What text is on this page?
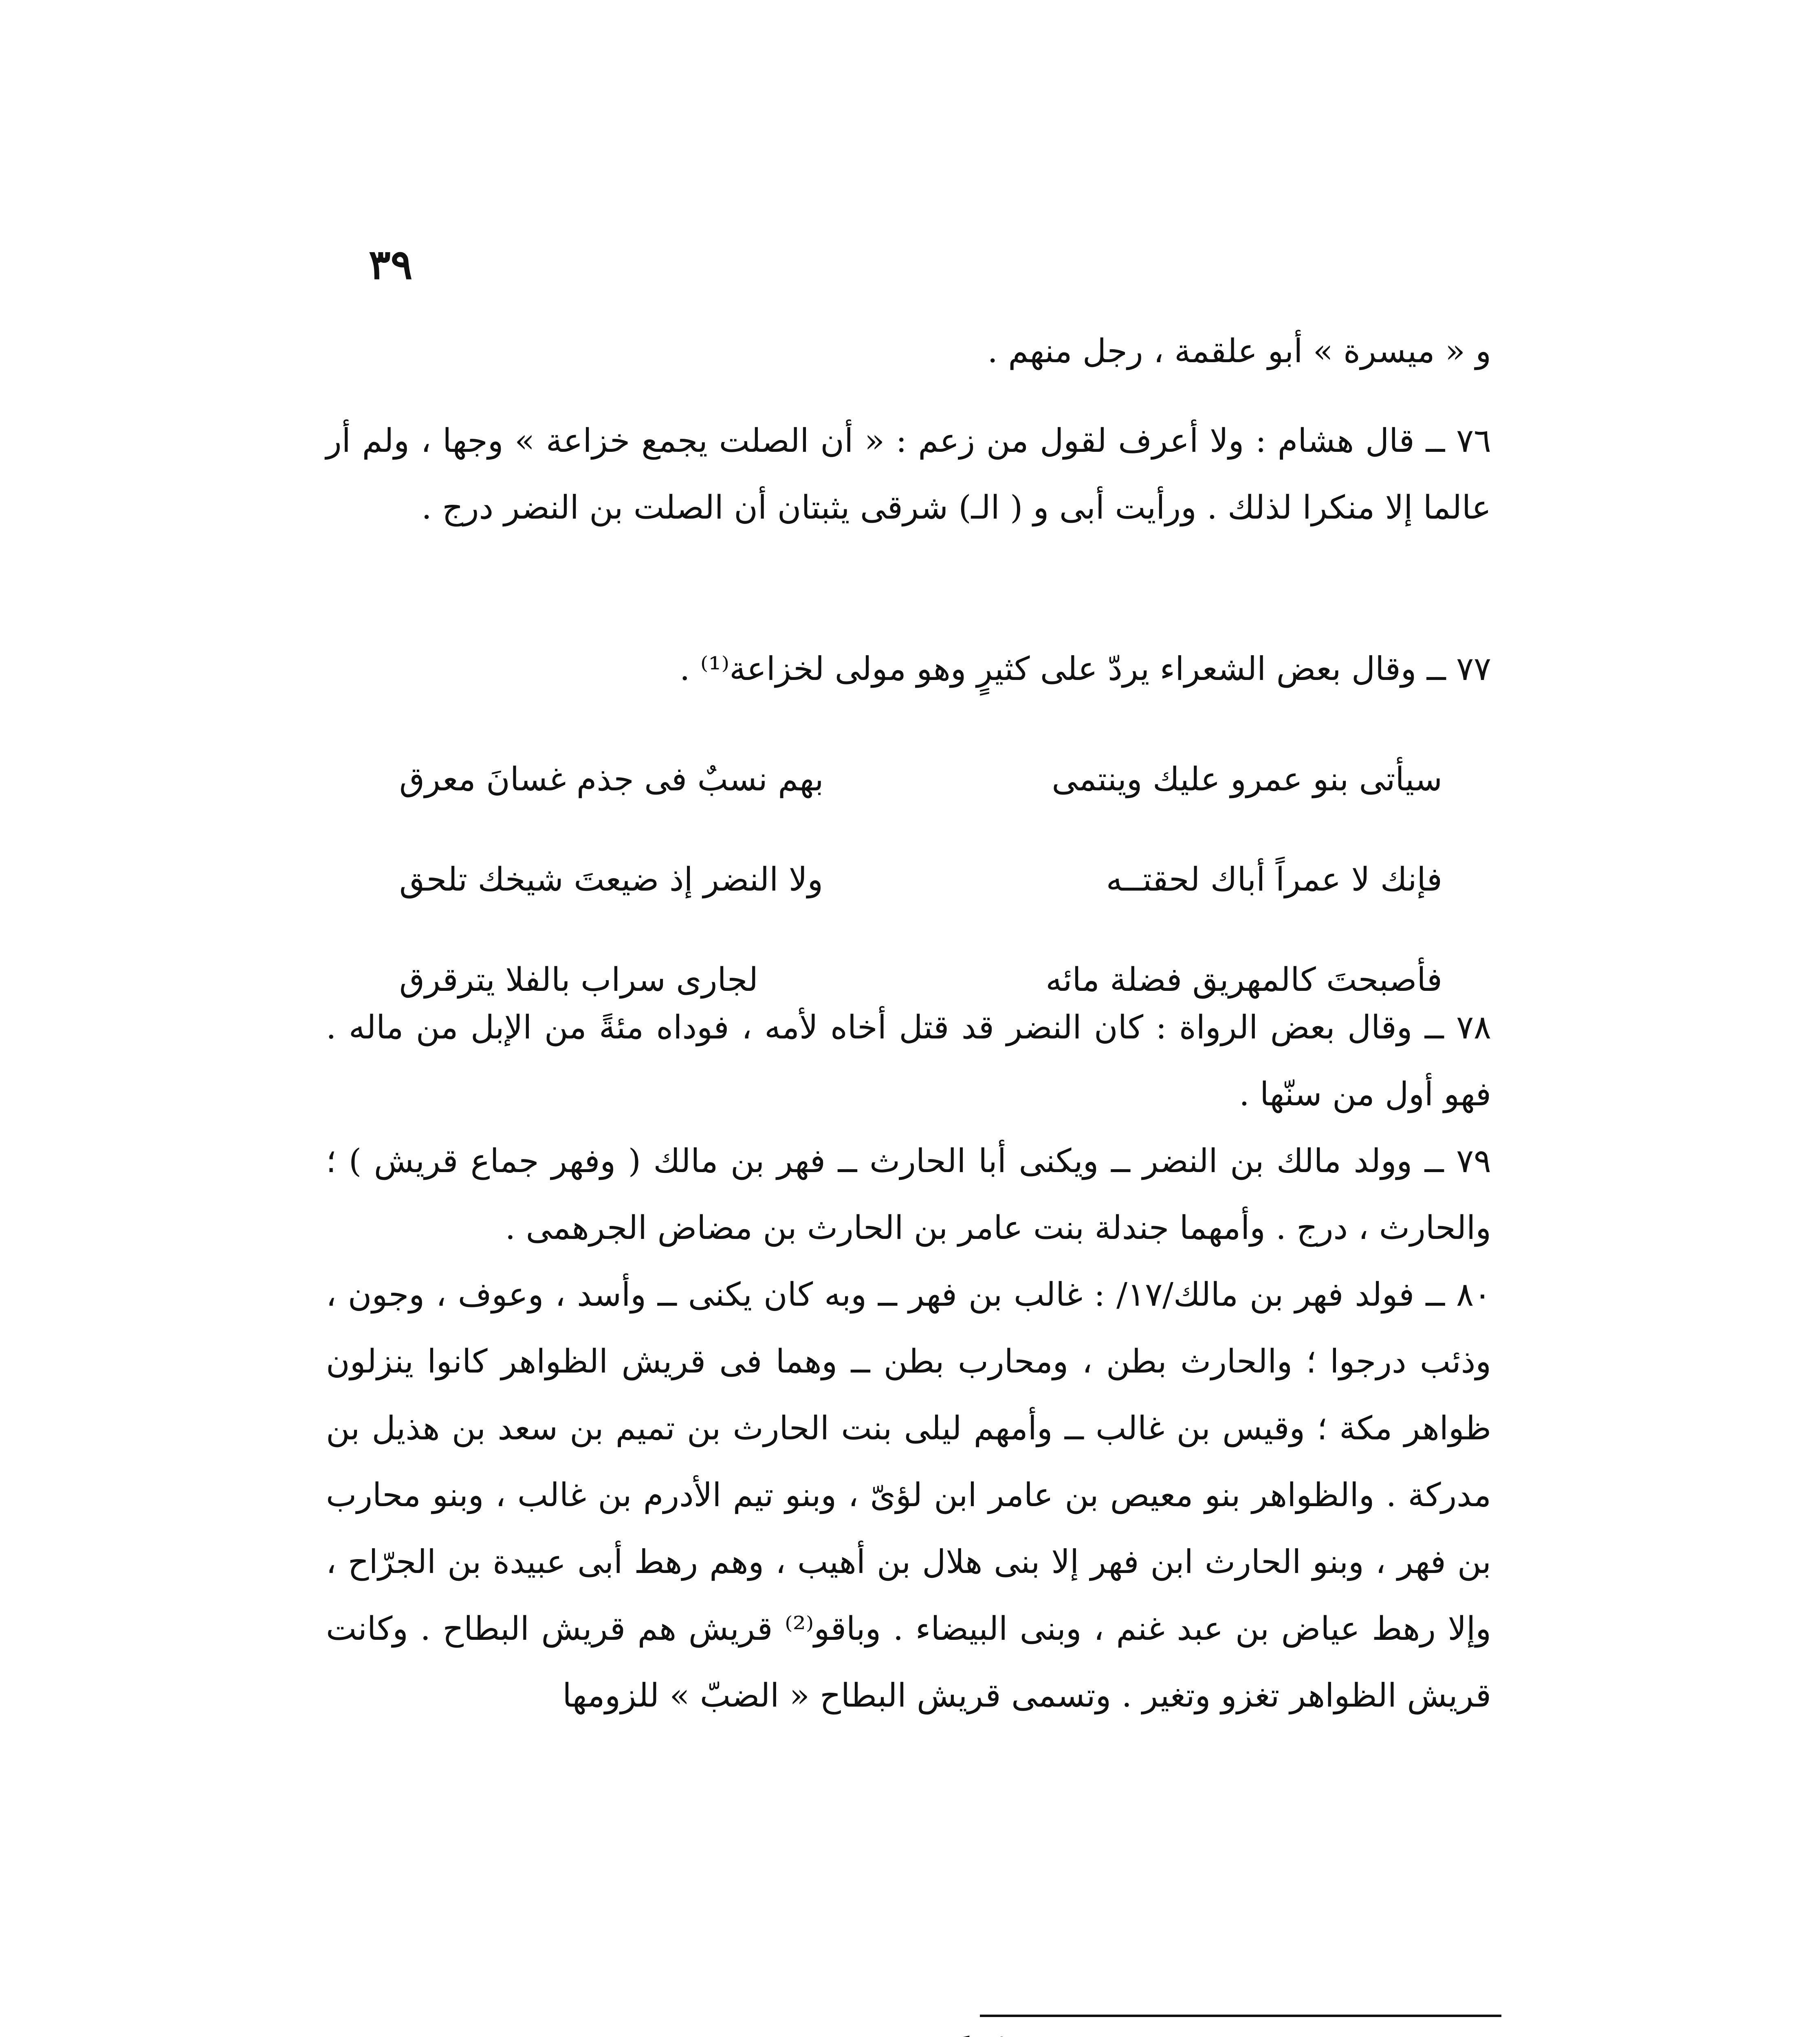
٣٩

و « ميسرة » أبو علقمة ، رجل منهم .

٧٦ ــ قال هشام : ولا أعرف لقول من زعم : « أن الصلت يجمع خزاعة » وجها ، ولم أر عالما إلا منكرا لذلك . ورأيت أبى و ( الـ) شرقى يثبتان أن الصلت بن النضر درج .

٧٧ ــ وقال بعض الشعراء يردّ على كثيرٍ وهو مولى لخزاعة⁽¹⁾ .

سيأتى بنو عمرو عليك وينتمى
بهم نسبٌ فى جذم غسانَ معرق
فإنك لا عمراً أباك لحقتــه
ولا النضر إذ ضيعتَ شيخك تلحق
فأصبحتَ كالمهريق فضلة مائه
لجارى سراب بالفلا يترقرق

٧٨ ــ وقال بعض الرواة : كان النضر قد قتل أخاه لأمه ، فوداه مئةً من الإبل من ماله . فهو أول من سنّها .

٧٩ ــ وولد مالك بن النضر ــ ويكنى أبا الحارث ــ فهر بن مالك ( وفهر جماع قريش ) ؛ والحارث ، درج . وأمهما جندلة بنت عامر بن الحارث بن مضاض الجرهمى .

٨٠ ــ فولد فهر بن مالك/١٧/ : غالب بن فهر ــ وبه كان يكنى ــ وأسد ، وعوف ، وجون ، وذئب درجوا ؛ والحارث بطن ، ومحارب بطن ــ وهما فى قريش الظواهر كانوا ينزلون ظواهر مكة ؛ وقيس بن غالب ــ وأمهم ليلى بنت الحارث بن تميم بن سعد بن هذيل بن مدركة . والظواهر بنو معيص بن عامر ابن لؤىّ ، وبنو تيم الأدرم بن غالب ، وبنو محارب بن فهر ، وبنو الحارث ابن فهر إلا بنى هلال بن أهيب ، وهم رهط أبى عبيدة بن الجرّاح ، وإلا رهط عياض بن عبد غنم ، وبنى البيضاء . وباقو⁽²⁾ قريش هم قريش البطاح . وكانت قريش الظواهر تغزو وتغير . وتسمى قريش البطاح « الضبّ » للزومها
